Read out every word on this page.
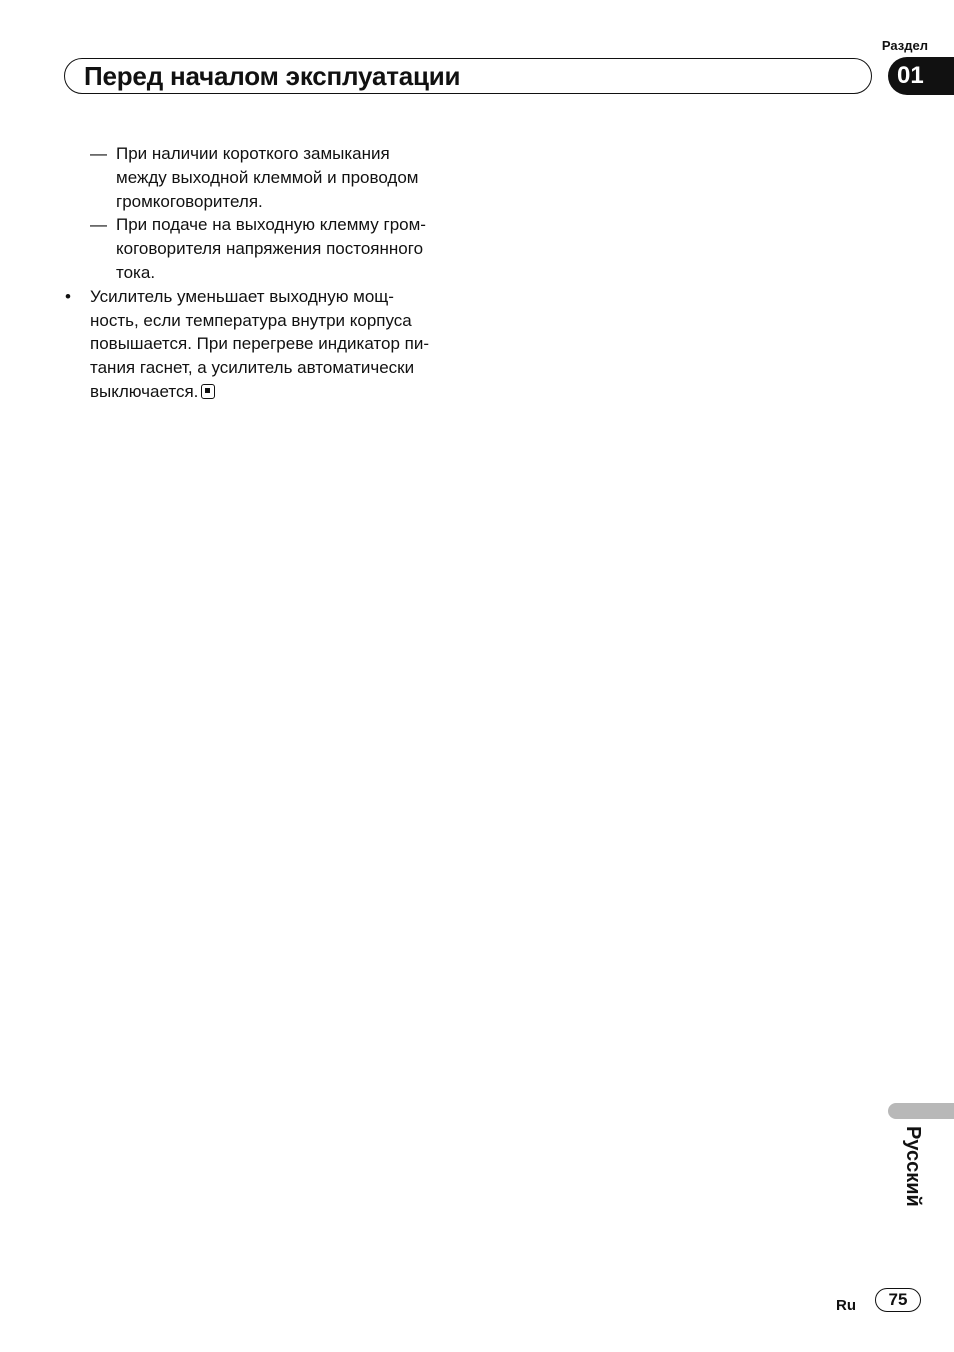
Раздел
Перед началом эксплуатации	01
— При наличии короткого замыкания
между выходной клеммой и проводом
громкоговорителя.
— При подаче на выходную клемму гром-
коговорителя напряжения постоянного
тока.
• Усилитель уменьшает выходную мощ-
ность, если температура внутри корпуса
повышается. При перегреве индикатор пи-
тания гаснет, а усилитель автоматически
выключается.
Русский
Ru	75
